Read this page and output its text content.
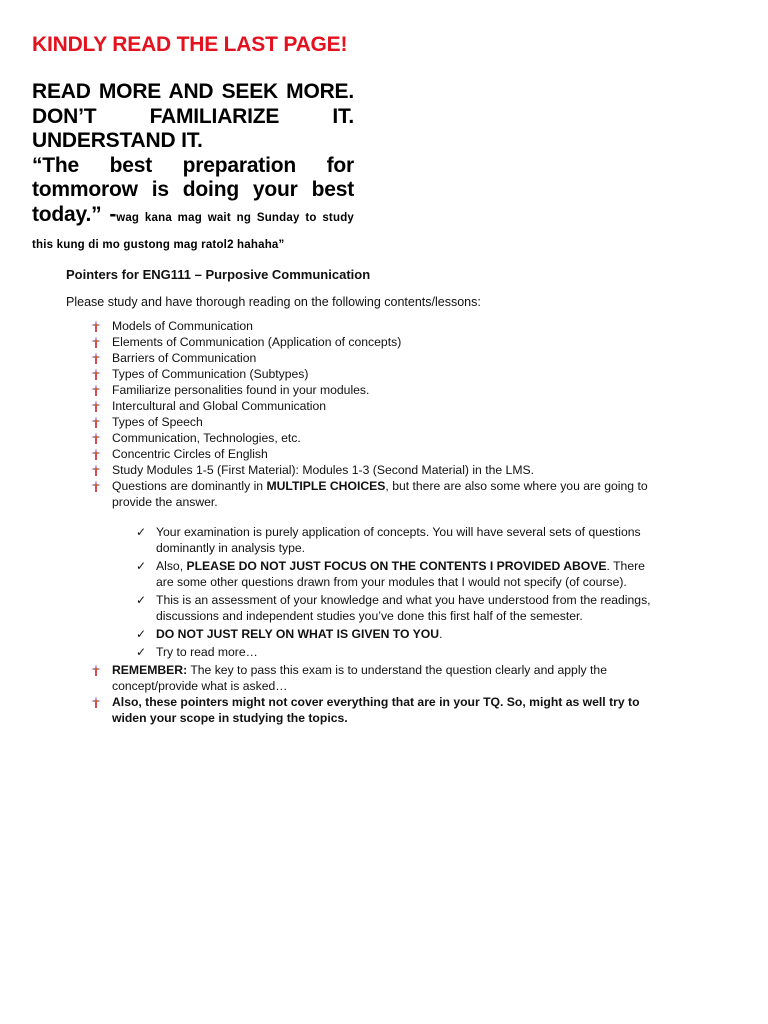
KINDLY READ THE LAST PAGE!

READ MORE AND SEEK MORE.

DON’T FAMILIARIZE IT.

UNDERSTAND IT.

“The best preparation for tommorow is doing your best today.” -wag kana mag wait ng Sunday to study this kung di mo gustong mag ratol2 hahaha”

Pointers for ENG111 – Purposive Communication

Please study and have thorough reading on the following contents/lessons:

Models of Communication
Elements of Communication (Application of concepts)
Barriers of Communication
Types of Communication (Subtypes)
Familiarize personalities found in your modules.
Intercultural and Global Communication
Types of Speech
Communication, Technologies, etc.
Concentric Circles of English
Study Modules 1-5 (First Material): Modules 1-3 (Second Material) in the LMS.
Questions are dominantly in MULTIPLE CHOICES, but there are also some where you are going to provide the answer.
✓ Your examination is purely application of concepts. You will have several sets of questions dominantly in analysis type.
✓ Also, PLEASE DO NOT JUST FOCUS ON THE CONTENTS I PROVIDED ABOVE. There are some other questions drawn from your modules that I would not specify (of course).
✓ This is an assessment of your knowledge and what you have understood from the readings, discussions and independent studies you’ve done this first half of the semester.
✓ DO NOT JUST RELY ON WHAT IS GIVEN TO YOU.
✓ Try to read more…
REMEMBER: The key to pass this exam is to understand the question clearly and apply the concept/provide what is asked…
Also, these pointers might not cover everything that are in your TQ. So, might as well try to widen your scope in studying the topics.
